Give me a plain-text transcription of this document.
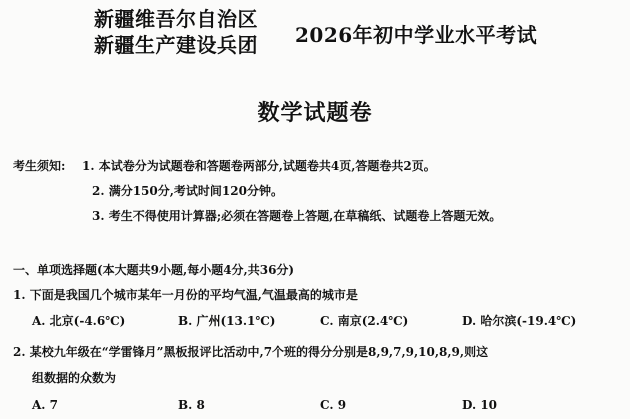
新疆维吾尔自治区
新疆生产建设兵团 2026年初中学业水平考试
数学试题卷
考生须知: 1. 本试卷分为试题卷和答题卷两部分,试题卷共4页,答题卷共2页。
2. 满分150分,考试时间120分钟。
3. 考生不得使用计算器;必须在答题卷上答题,在草稿纸、试题卷上答题无效。
一、单项选择题(本大题共9小题,每小题4分,共36分)
1. 下面是我国几个城市某年一月份的平均气温,气温最高的城市是
A. 北京(-4.6℃)	B. 广州(13.1℃)	C. 南京(2.4℃)	D. 哈尔滨(-19.4℃)
2. 某校九年级在“学雷锋月”黑板报评比活动中,7个班的得分分别是8,9,7,9,10,8,9,则这
组数据的众数为
A. 7	B. 8	C. 9	D. 10
